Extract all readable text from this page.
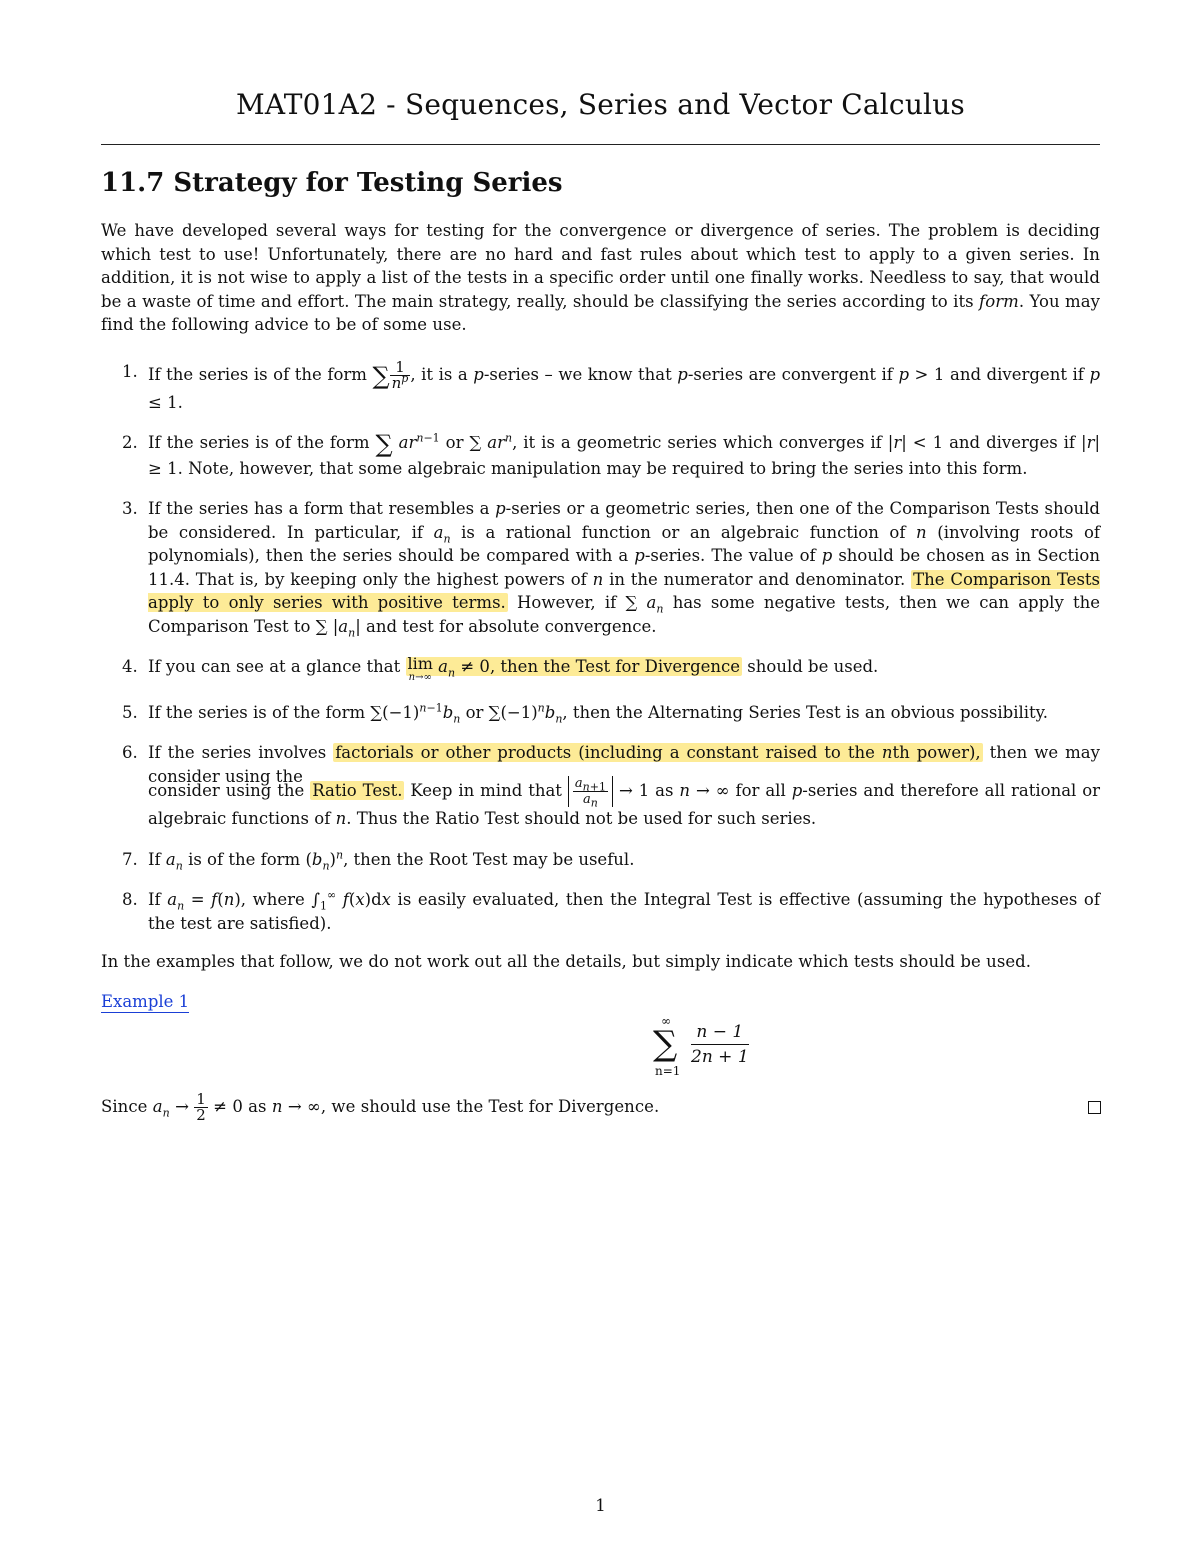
MAT01A2 - Sequences, Series and Vector Calculus
11.7 Strategy for Testing Series
We have developed several ways for testing for the convergence or divergence of series. The problem is deciding which test to use! Unfortunately, there are no hard and fast rules about which test to apply to a given series. In addition, it is not wise to apply a list of the tests in a specific order until one finally works. Needless to say, that would be a waste of time and effort. The main strategy, really, should be classifying the series according to its form. You may find the following advice to be of some use.
1. If the series is of the form ∑ $\frac{1}{n^p}$ , it is a p-series – we know that p-series are convergent if p > 1 and divergent if p ≤ 1.
2. If the series is of the form ∑ $ar^{n-1}$ or ∑ $ar^n$, it is a geometric series which converges if |r| < 1 and diverges if |r| ≥ 1. Note, however, that some algebraic manipulation may be required to bring the series into this form.
3. If the series has a form that resembles a p-series or a geometric series, then one of the Comparison Tests should be considered. In particular, if $a_n$ is a rational function or an algebraic function of n (involving roots of polynomials), then the series should be compared with a p-series. The value of p should be chosen as in Section 11.4. That is, by keeping only the highest powers of n in the numerator and denominator. The Comparison Tests apply to only series with positive terms. However, if ∑ $a_n$ has some negative tests, then we can apply the Comparison Test to ∑ $|a_n|$ and test for absolute convergence.
4. If you can see at a glance that lim
n→∞
$a_n \ne 0$, then the Test for Divergence should be used.
5. If the series is of the form $\sum(-1)^{n-1}b_n$ or $\sum(-1)^nb_n$, then the Alternating Series Test is an obvious possibility.
6. If the series involves factorials or other products (including a constant raised to the nth power), then we may consider using the
consider using the Ratio Test. Keep in mind that $\frac{a_{n+1}}{a_n} \to 1$ as n → ∞ for all p-series and therefore all rational or algebraic functions of n. Thus the Ratio Test should not be used for such series.
7. If $a_n$ is of the form $(b_n)^n$, then the Root Test may be useful.
8. If $a_n = f(n)$, where $\int_1^\infty$ f(x)dx is easily evaluated, then the Integral Test is effective (assuming the hypotheses of the test are satisfied).
In the examples that follow, we do not work out all the details, but simply indicate which tests should be used.
Example 1
∞
∑
n=1
$\frac{n - 1}{2n + 1}$
Since $a_n \to \frac{1}{2} \ne 0$ as n → ∞, we should use the Test for Divergence.
1
